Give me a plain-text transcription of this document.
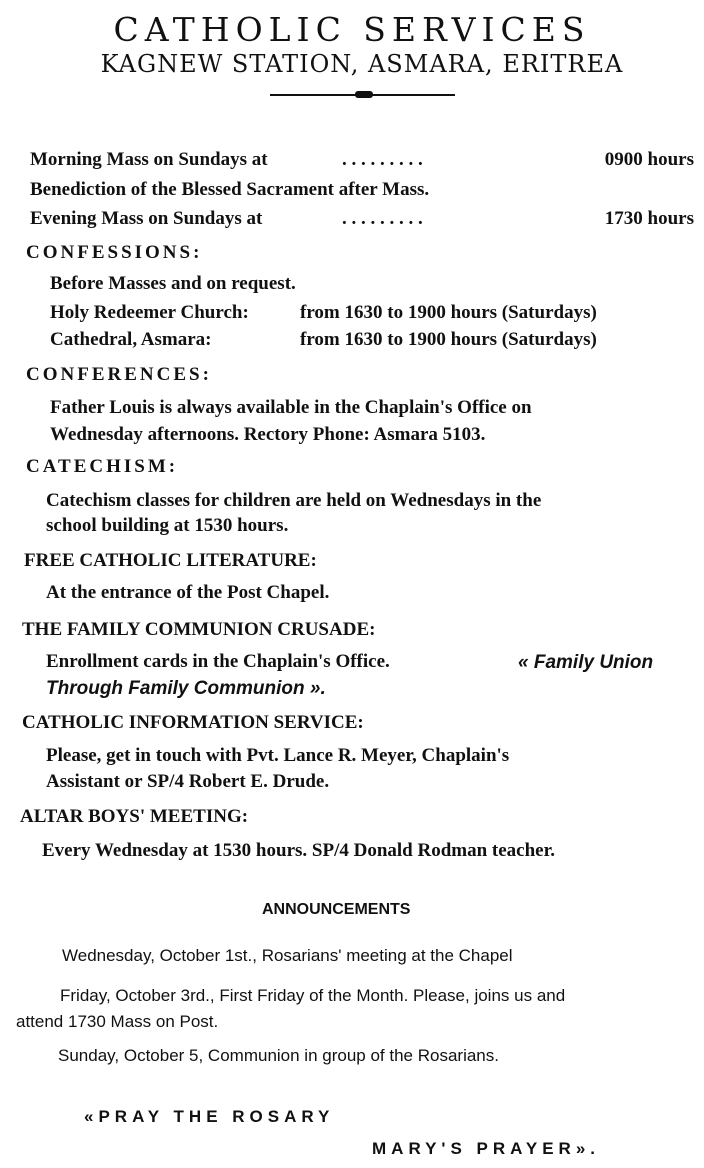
CATHOLIC SERVICES
KAGNEW STATION, ASMARA, ERITREA
Morning Mass on Sundays at	. . . . . . . . .	0900 hours
Benediction of the Blessed Sacrament after Mass.
Evening Mass on Sundays at	. . . . . . . . .	1730 hours
CONFESSIONS:
Before Masses and on request.
Holy Redeemer Church:	from 1630 to 1900 hours (Saturdays)
Cathedral, Asmara:	from 1630 to 1900 hours (Saturdays)
CONFERENCES:
Father Louis is always available in the Chaplain's Office on
Wednesday afternoons. Rectory Phone: Asmara 5103.
CATECHISM:
Catechism classes for children are held on Wednesdays in the
school building at 1530 hours.
FREE CATHOLIC LITERATURE:
At the entrance of the Post Chapel.
THE FAMILY COMMUNION CRUSADE:
Enrollment cards in the Chaplain's Office.	« Family Union
Through Family Communion ».
CATHOLIC INFORMATION SERVICE:
Please, get in touch with Pvt. Lance R. Meyer, Chaplain's
Assistant or SP/4 Robert E. Drude.
ALTAR BOYS' MEETING:
Every Wednesday at 1530 hours. SP/4 Donald Rodman teacher.
ANNOUNCEMENTS
Wednesday, October 1st., Rosarians' meeting at the Chapel
Friday, October 3rd., First Friday of the Month. Please, joins us and
attend 1730 Mass on Post.
Sunday, October 5, Communion in group of the Rosarians.
«PRAY THE ROSARY
MARY'S PRAYER».
